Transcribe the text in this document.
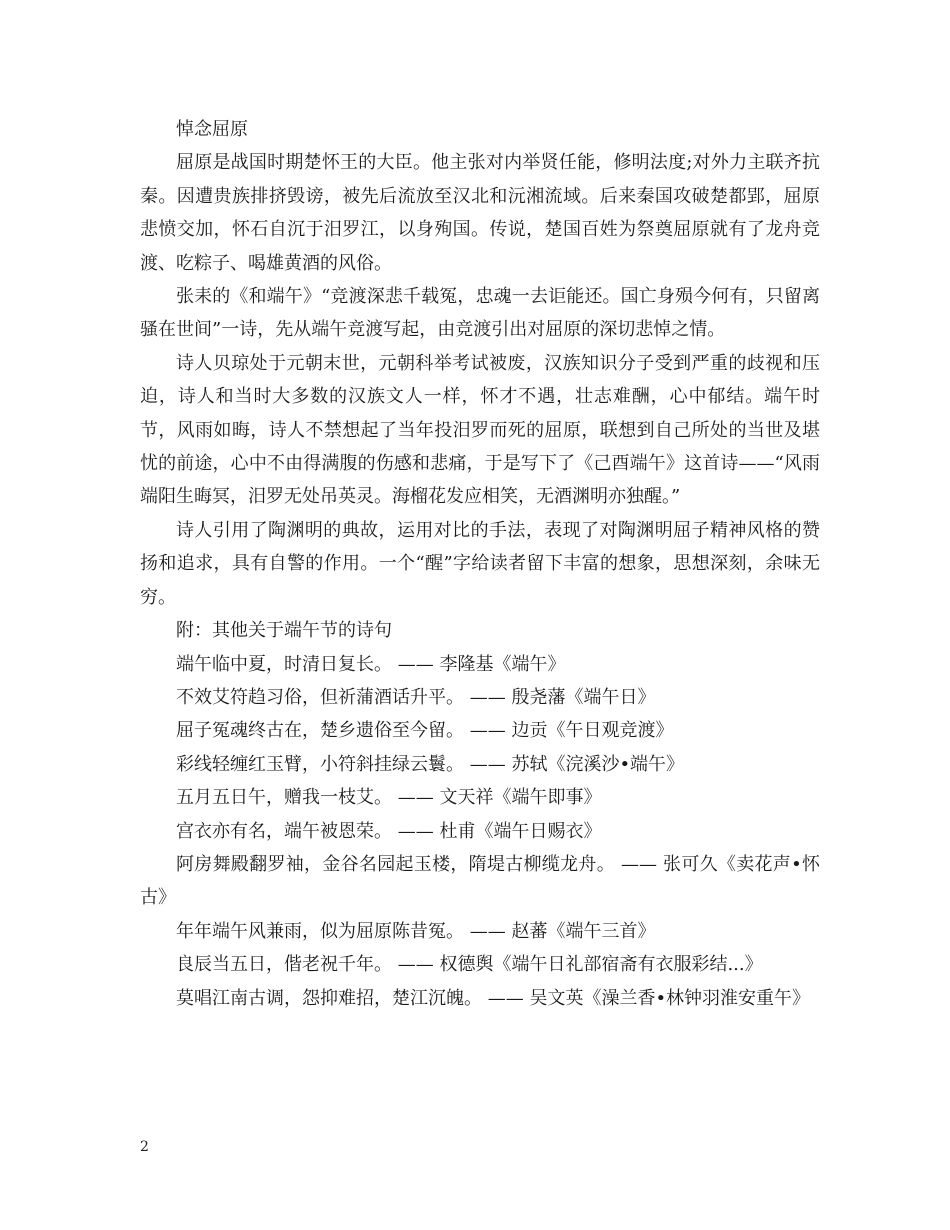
悼念屈原

屈原是战国时期楚怀王的大臣。他主张对内举贤任能，修明法度;对外力主联齐抗秦。因遭贵族排挤毁谤，被先后流放至汉北和沅湘流域。后来秦国攻破楚都郢，屈原悲愤交加，怀石自沉于汨罗江，以身殉国。传说，楚国百姓为祭奠屈原就有了龙舟竞渡、吃粽子、喝雄黄酒的风俗。

张耒的《和端午》“竞渡深悲千载冤，忠魂一去讵能还。国亡身殒今何有，只留离骚在世间”一诗，先从端午竞渡写起，由竞渡引出对屈原的深切悲悼之情。

诗人贝琼处于元朝末世，元朝科举考试被废，汉族知识分子受到严重的歧视和压迫，诗人和当时大多数的汉族文人一样，怀才不遇，壮志难酬，心中郁结。端午时节，风雨如晦，诗人不禁想起了当年投汨罗而死的屈原，联想到自己所处的当世及堪忧的前途，心中不由得满腹的伤感和悲痛，于是写下了《己酉端午》这首诗——“风雨端阳生晦冥，汨罗无处吊英灵。海榴花发应相笑，无酒渊明亦独醒。”

诗人引用了陶渊明的典故，运用对比的手法，表现了对陶渊明屈子精神风格的赞扬和追求，具有自警的作用。一个“醒”字给读者留下丰富的想象，思想深刻，余味无穷。

附：其他关于端午节的诗句

端午临中夏，时清日复长。 —— 李隆基《端午》

不效艾符趋习俗，但祈蒲酒话升平。 —— 殷尧藩《端午日》

屈子冤魂终古在，楚乡遗俗至今留。 —— 边贡《午日观竞渡》

彩线轻缠红玉臂，小符斜挂绿云鬟。 —— 苏轼《浣溪沙•端午》

五月五日午，赠我一枝艾。 —— 文天祥《端午即事》

宫衣亦有名，端午被恩荣。 —— 杜甫《端午日赐衣》

阿房舞殿翻罗袖，金谷名园起玉楼，隋堤古柳缆龙舟。 —— 张可久《卖花声•怀古》

年年端午风兼雨，似为屈原陈昔冤。 —— 赵蕃《端午三首》

良辰当五日，偕老祝千年。 —— 权德舆《端午日礼部宿斋有衣服彩结...》

莫唱江南古调，怨抑难招，楚江沉魄。 —— 吴文英《澡兰香•林钟羽淮安重午》

2
